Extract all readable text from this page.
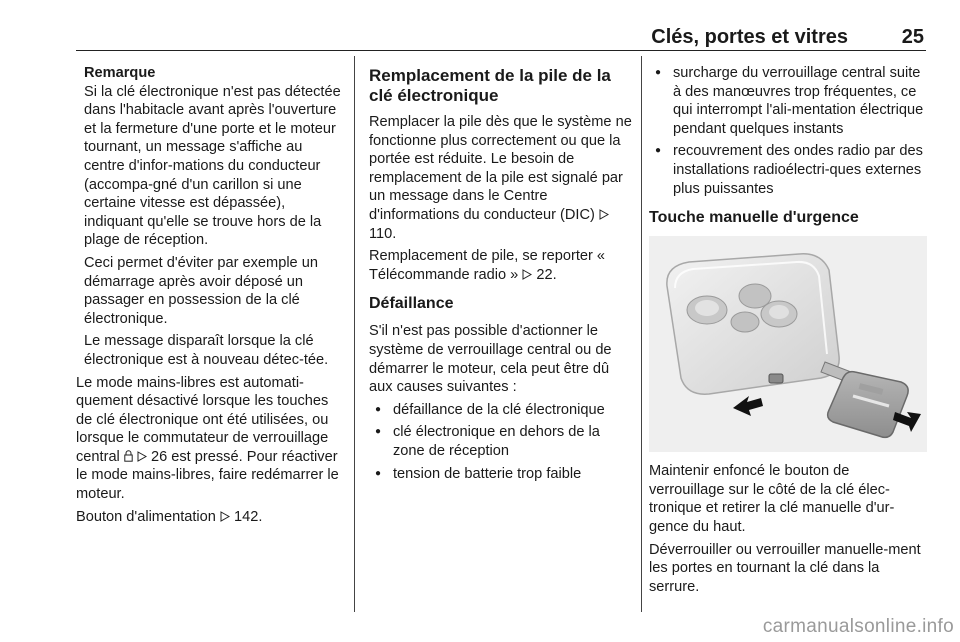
Clés, portes et vitres	25

Remarque

Si la clé électronique n'est pas détectée dans l'habitacle avant après l'ouverture et la fermeture d'une porte et le moteur tournant, un message s'affiche au centre d'infor-mations du conducteur (accompa-gné d'un carillon si une certaine vitesse est dépassée), indiquant qu'elle se trouve hors de la plage de réception.

Ceci permet d'éviter par exemple un démarrage après avoir déposé un passager en possession de la clé électronique.

Le message disparaît lorsque la clé électronique est à nouveau détec-tée.

Le mode mains-libres est automati-quement désactivé lorsque les touches de clé électronique ont été utilisées, ou lorsque le commutateur de verrouillage central   26 est pressé. Pour réactiver le mode mains-libres, faire redémarrer le moteur.

Bouton d'alimentation  142.

Remplacement de la pile de la clé électronique

Remplacer la pile dès que le système ne fonctionne plus correctement ou que la portée est réduite. Le besoin de remplacement de la pile est signalé par un message dans le Centre d'informations du conducteur (DIC)  110.

Remplacement de pile, se reporter « Télécommande radio »  22.

Défaillance

S'il n'est pas possible d'actionner le système de verrouillage central ou de démarrer le moteur, cela peut être dû aux causes suivantes :

● défaillance de la clé électronique
● clé électronique en dehors de la zone de réception
● tension de batterie trop faible
● surcharge du verrouillage central suite à des manœuvres trop fréquentes, ce qui interrompt l'ali-mentation électrique pendant quelques instants
● recouvrement des ondes radio par des installations radioélectri-ques externes plus puissantes

Touche manuelle d'urgence

Maintenir enfoncé le bouton de verrouillage sur le côté de la clé élec-tronique et retirer la clé manuelle d'ur-gence du haut.

Déverrouiller ou verrouiller manuelle-ment les portes en tournant la clé dans la serrure.

carmanualsonline.info
